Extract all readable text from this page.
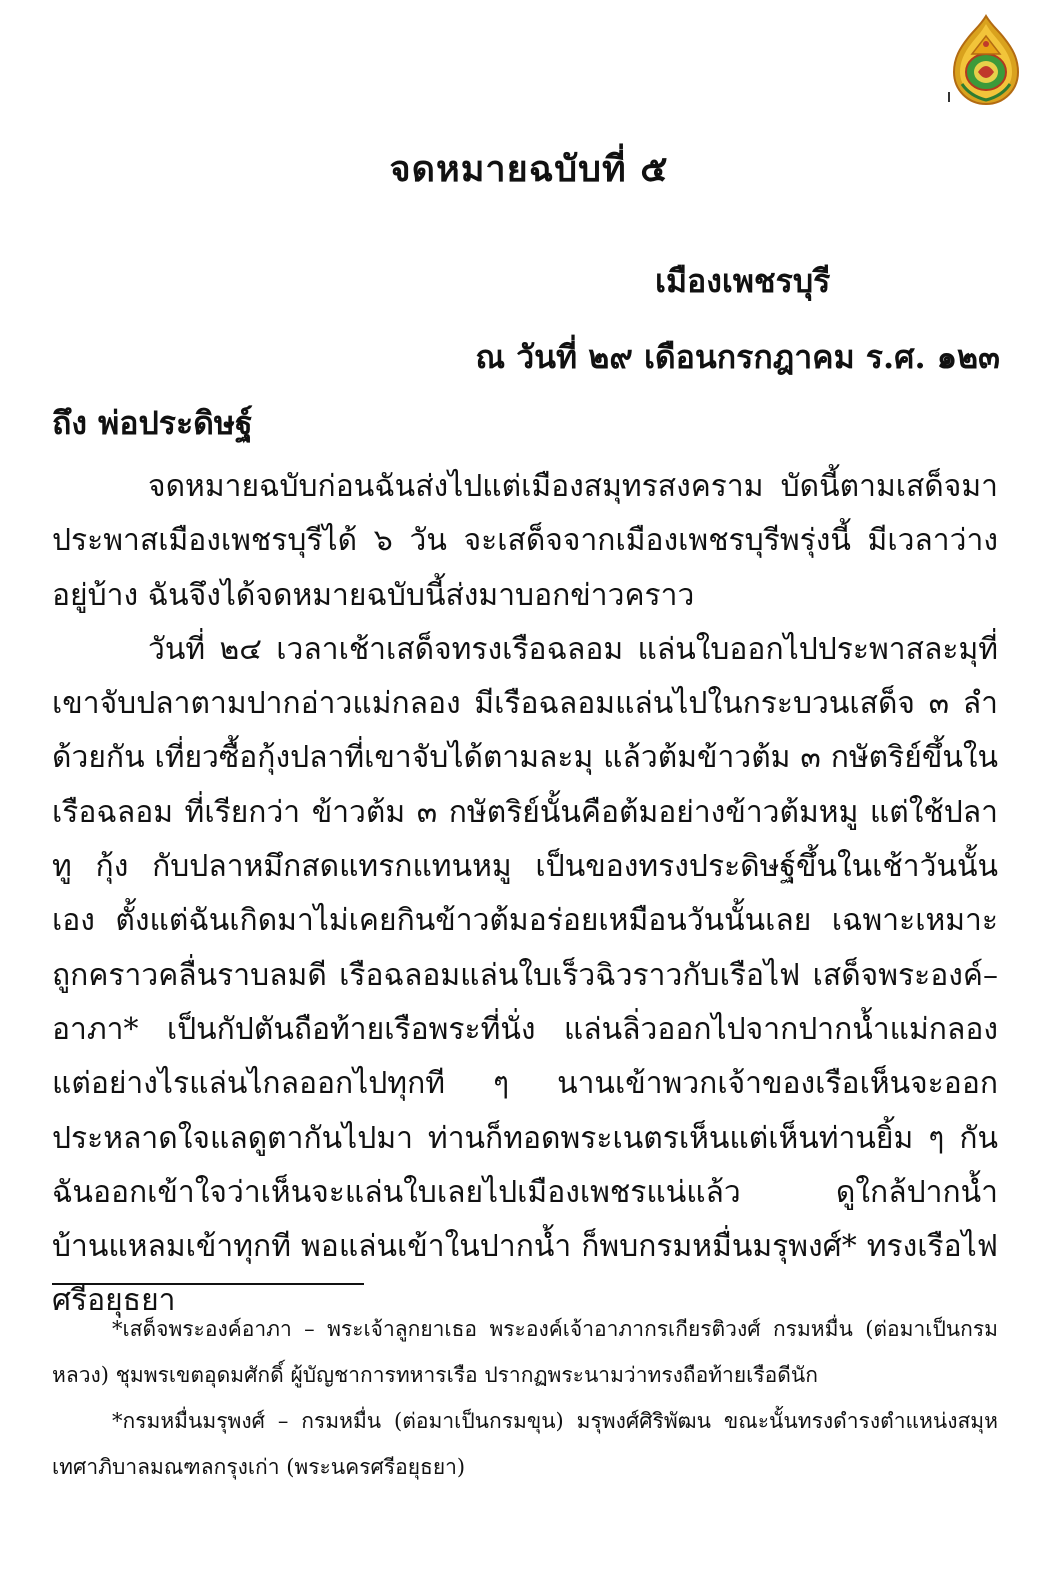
จดหมายฉบับที่ ๕
เมืองเพชรบุรี
ณ วันที่ ๒๙ เดือนกรกฎาคม ร.ศ. ๑๒๓
ถึง พ่อประดิษฐ์

จดหมายฉบับก่อนฉันส่งไปแต่เมืองสมุทรสงคราม บัดนี้ตามเสด็จมาประพาสเมืองเพชรบุรีได้ ๖ วัน จะเสด็จจากเมืองเพชรบุรีพรุ่งนี้ มีเวลาว่างอยู่บ้าง ฉันจึงได้จดหมายฉบับนี้ส่งมาบอกข่าวคราว

วันที่ ๒๔ เวลาเช้าเสด็จทรงเรือฉลอม แล่นใบออกไปประพาสละมุที่เขาจับปลาตามปากอ่าวแม่กลอง มีเรือฉลอมแล่นไปในกระบวนเสด็จ ๓ ลำด้วยกัน เที่ยวซื้อกุ้งปลาที่เขาจับได้ตามละมุ แล้วต้มข้าวต้ม ๓ กษัตริย์ขึ้นในเรือฉลอม ที่เรียกว่า ข้าวต้ม ๓ กษัตริย์นั้นคือต้มอย่างข้าวต้มหมู แต่ใช้ปลาทู กุ้ง กับปลาหมึกสดแทรกแทนหมู เป็นของทรงประดิษฐ์ขึ้นในเช้าวันนั้นเอง ตั้งแต่ฉันเกิดมาไม่เคยกินข้าวต้มอร่อยเหมือนวันนั้นเลย เฉพาะเหมาะถูกคราวคลื่นราบลมดี เรือฉลอมแล่นใบเร็วฉิวราวกับเรือไฟ เสด็จพระองค์–อาภา* เป็นกัปตันถือท้ายเรือพระที่นั่ง แล่นลิ่วออกไปจากปากน้ำแม่กลองแต่อย่างไรแล่นไกลออกไปทุกที ๆ นานเข้าพวกเจ้าของเรือเห็นจะออกประหลาดใจแลดูตากันไปมา ท่านก็ทอดพระเนตรเห็นแต่เห็นท่านยิ้ม ๆ กันฉันออกเข้าใจว่าเห็นจะแล่นใบเลยไปเมืองเพชรแน่แล้ว ดูใกล้ปากน้ำบ้านแหลมเข้าทุกที พอแล่นเข้าในปากน้ำ ก็พบกรมหมื่นมรุพงศ์* ทรงเรือไฟศรีอยุธยา

*เสด็จพระองค์อาภา – พระเจ้าลูกยาเธอ พระองค์เจ้าอาภากรเกียรติวงศ์ กรมหมื่น (ต่อมาเป็นกรมหลวง) ชุมพรเขตอุดมศักดิ์ ผู้บัญชาการทหารเรือ ปรากฏพระนามว่าทรงถือท้ายเรือดีนัก

*กรมหมื่นมรุพงศ์ – กรมหมื่น (ต่อมาเป็นกรมขุน) มรุพงศ์ศิริพัฒน ขณะนั้นทรงดำรงตำแหน่งสมุหเทศาภิบาลมณฑลกรุงเก่า (พระนครศรีอยุธยา)
